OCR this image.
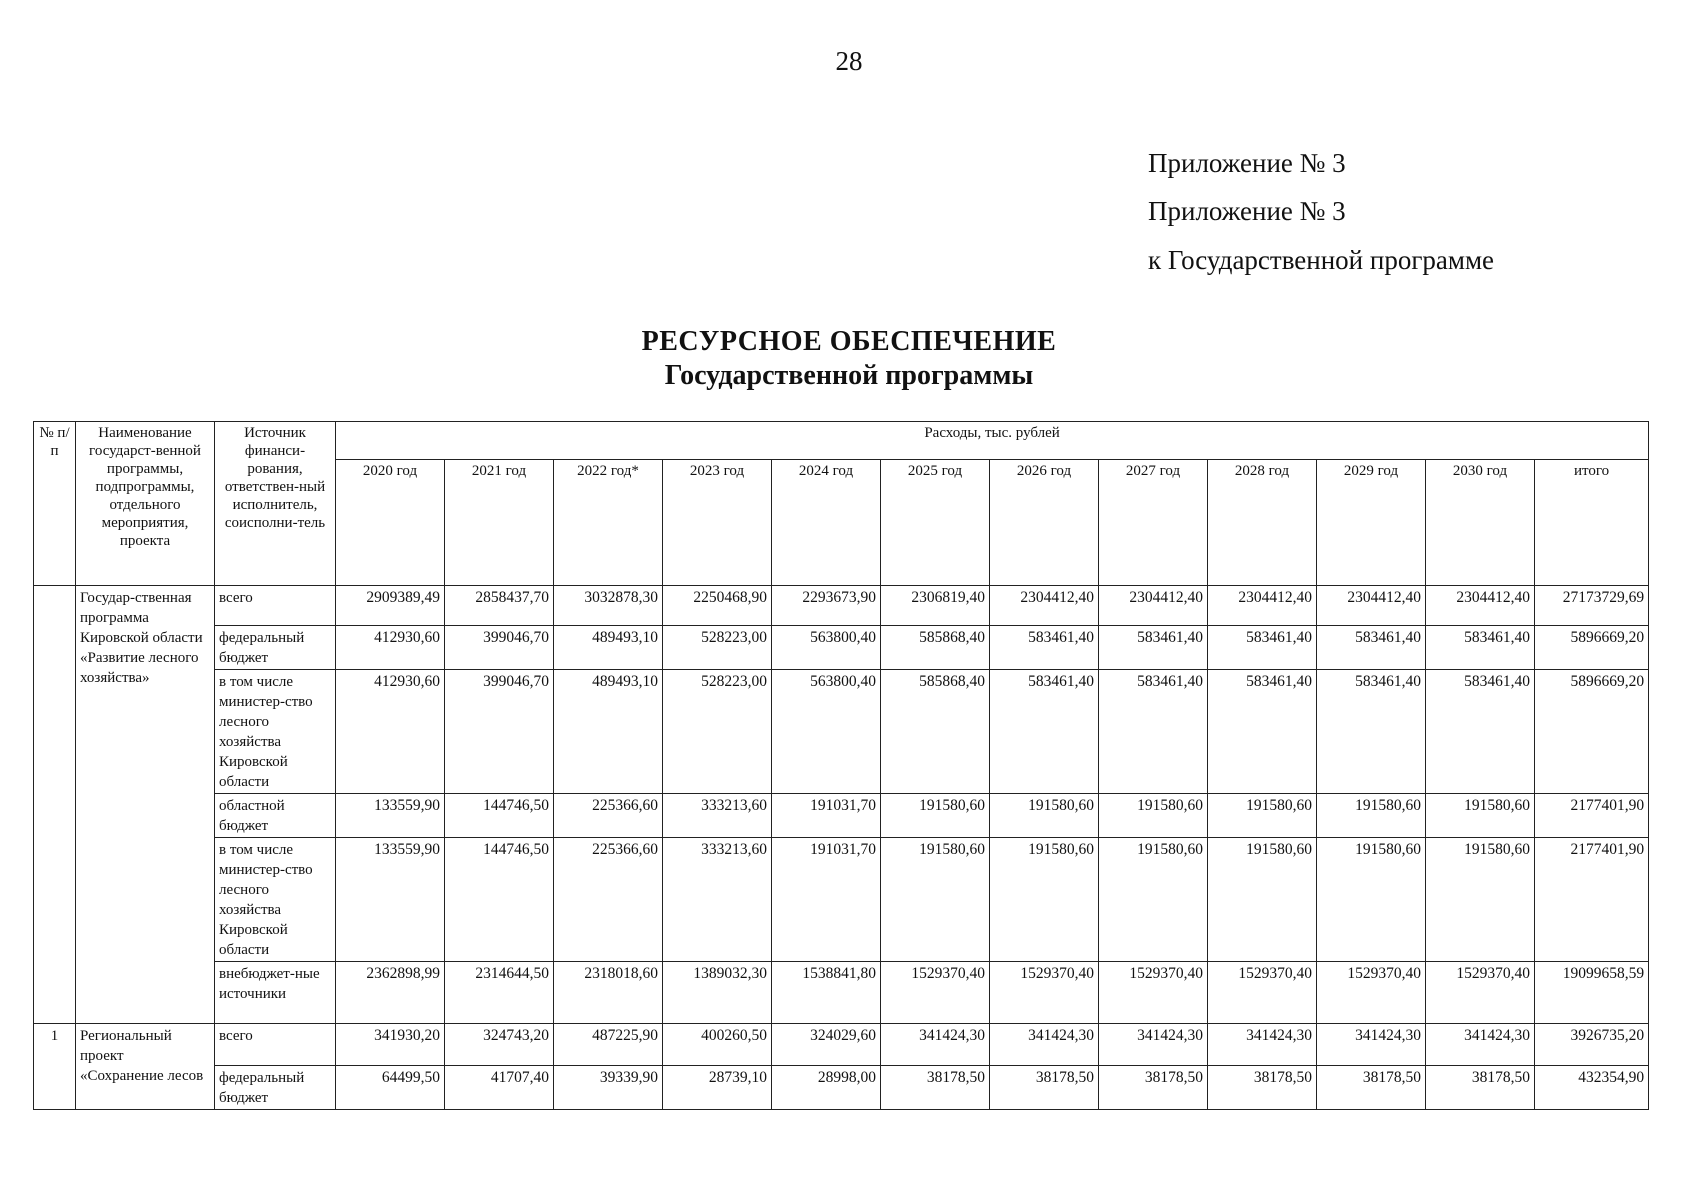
28
Приложение № 3
Приложение № 3
к Государственной программе
РЕСУРСНОЕ ОБЕСПЕЧЕНИЕ
Государственной программы
№ п/п	Наименование государст-венной программы, подпрограммы, отдельного мероприятия, проекта	Источник финанси-рования, ответствен-ный исполнитель, соисполни-тель	Расходы, тыс. рублей											
			2020 год	2021 год	2022 год*	2023 год	2024 год	2025 год	2026 год	2027 год	2028 год	2029 год	2030 год	итого
	Государ-ственная программа Кировской области «Развитие лесного хозяйства»	всего	2909389,49	2858437,70	3032878,30	2250468,90	2293673,90	2306819,40	2304412,40	2304412,40	2304412,40	2304412,40	2304412,40	27173729,69
		федеральный бюджет	412930,60	399046,70	489493,10	528223,00	563800,40	585868,40	583461,40	583461,40	583461,40	583461,40	583461,40	5896669,20
		в том числе министер-ство лесного хозяйства Кировской области	412930,60	399046,70	489493,10	528223,00	563800,40	585868,40	583461,40	583461,40	583461,40	583461,40	583461,40	5896669,20
		областной бюджет	133559,90	144746,50	225366,60	333213,60	191031,70	191580,60	191580,60	191580,60	191580,60	191580,60	191580,60	2177401,90
		в том числе министер-ство лесного хозяйства Кировской области	133559,90	144746,50	225366,60	333213,60	191031,70	191580,60	191580,60	191580,60	191580,60	191580,60	191580,60	2177401,90
		внебюджет-ные источники	2362898,99	2314644,50	2318018,60	1389032,30	1538841,80	1529370,40	1529370,40	1529370,40	1529370,40	1529370,40	1529370,40	19099658,59
1	Региональный проект «Сохранение лесов	всего	341930,20	324743,20	487225,90	400260,50	324029,60	341424,30	341424,30	341424,30	341424,30	341424,30	341424,30	3926735,20
		федеральный бюджет	64499,50	41707,40	39339,90	28739,10	28998,00	38178,50	38178,50	38178,50	38178,50	38178,50	38178,50	432354,90
